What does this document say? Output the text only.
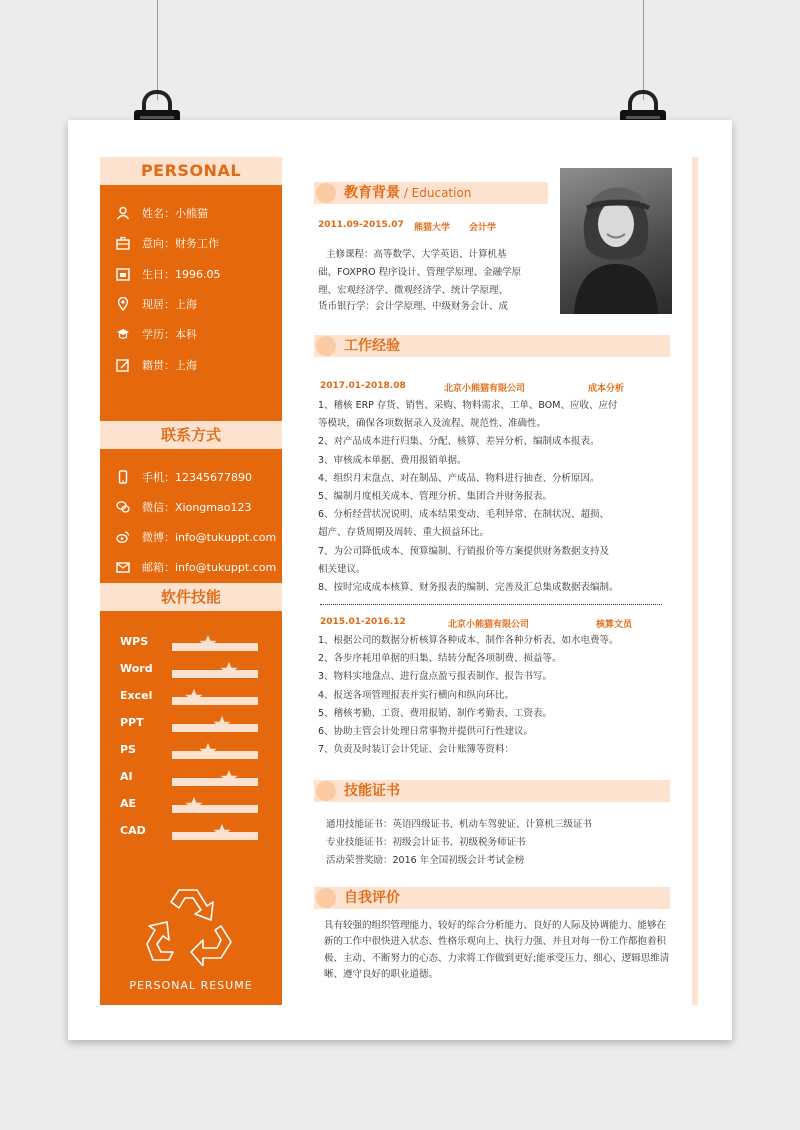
PERSONAL
姓名： 小熊猫
意向： 财务工作
生日： 1996.05
现居： 上海
学历： 本科
籍贯： 上海
联系方式
手机： 12345677890
微信： Xiongmao123
微博： info@tukuppt.com
邮箱： info@tukuppt.com
软件技能
WPS
Word
Excel
PPT
PS
AI
AE
CAD
PERSONAL RESUME
教育背景 / Education
2011.09-2015.07 熊猫大学 会计学
主修课程：高等数学、大学英语、计算机基
础、FOXPRO 程序设计、管理学原理、金融学原
理、宏观经济学、微观经济学、统计学原理、
货币银行学：会计学原理、中级财务会计、成
工作经验
2017.01-2018.08	北京小熊猫有限公司	成本分析
1、稽核 ERP 存货、销售、采购、物料需求、工单、BOM、应收、应付
等模块，确保各项数据录入及流程、规范性、准确性。
2、对产品成本进行归集、分配、核算、差异分析、编制成本报表。
3、审核成本单据、费用报销单据。
4、组织月末盘点、对在制品、产成品、物料进行抽查、分析原因。
5、编制月度相关成本、管理分析、集团合并财务报表。
6、分析经营状况说明、成本结果变动、毛利异常、在制状况、超损、
超产、存货周期及周转、重大损益环比。
7、为公司降低成本、预算编制、行销报价等方案提供财务数据支持及
相关建议。
8、按时完成成本核算、财务报表的编制、完善及汇总集成数据表编制。
2015.01-2016.12	北京小熊猫有限公司	核算文员
1、根据公司的数据分析核算各种成本、制作各种分析表、如水电费等。
2、各步序耗用单据的归集、结转分配各项制费、损益等。
3、物料实地盘点、进行盘点盈亏报表制作、报告书写。
4、报送各项管理报表并实行横向和纵向环比。
5、稽核考勤、工资、费用报销、制作考勤表、工资表。
6、协助主管会计处理日常事物并提供可行性建议。
7、负责及时装订会计凭证、会计账簿等资料：
技能证书
通用技能证书：英语四级证书、机动车驾驶证、计算机三级证书
专业技能证书：初级会计证书、初级税务师证书
活动荣誉奖励：2016 年全国初级会计考试金榜
自我评价
具有较强的组织管理能力、较好的综合分析能力、良好的人际及协调能力、能够在新的工作中很快进入状态、性格乐观向上、执行力强、并且对每一份工作都抱着积极、主动、不断努力的心态、力求将工作做到更好;能承受压力、细心、逻辑思维清晰、遵守良好的职业道德。
